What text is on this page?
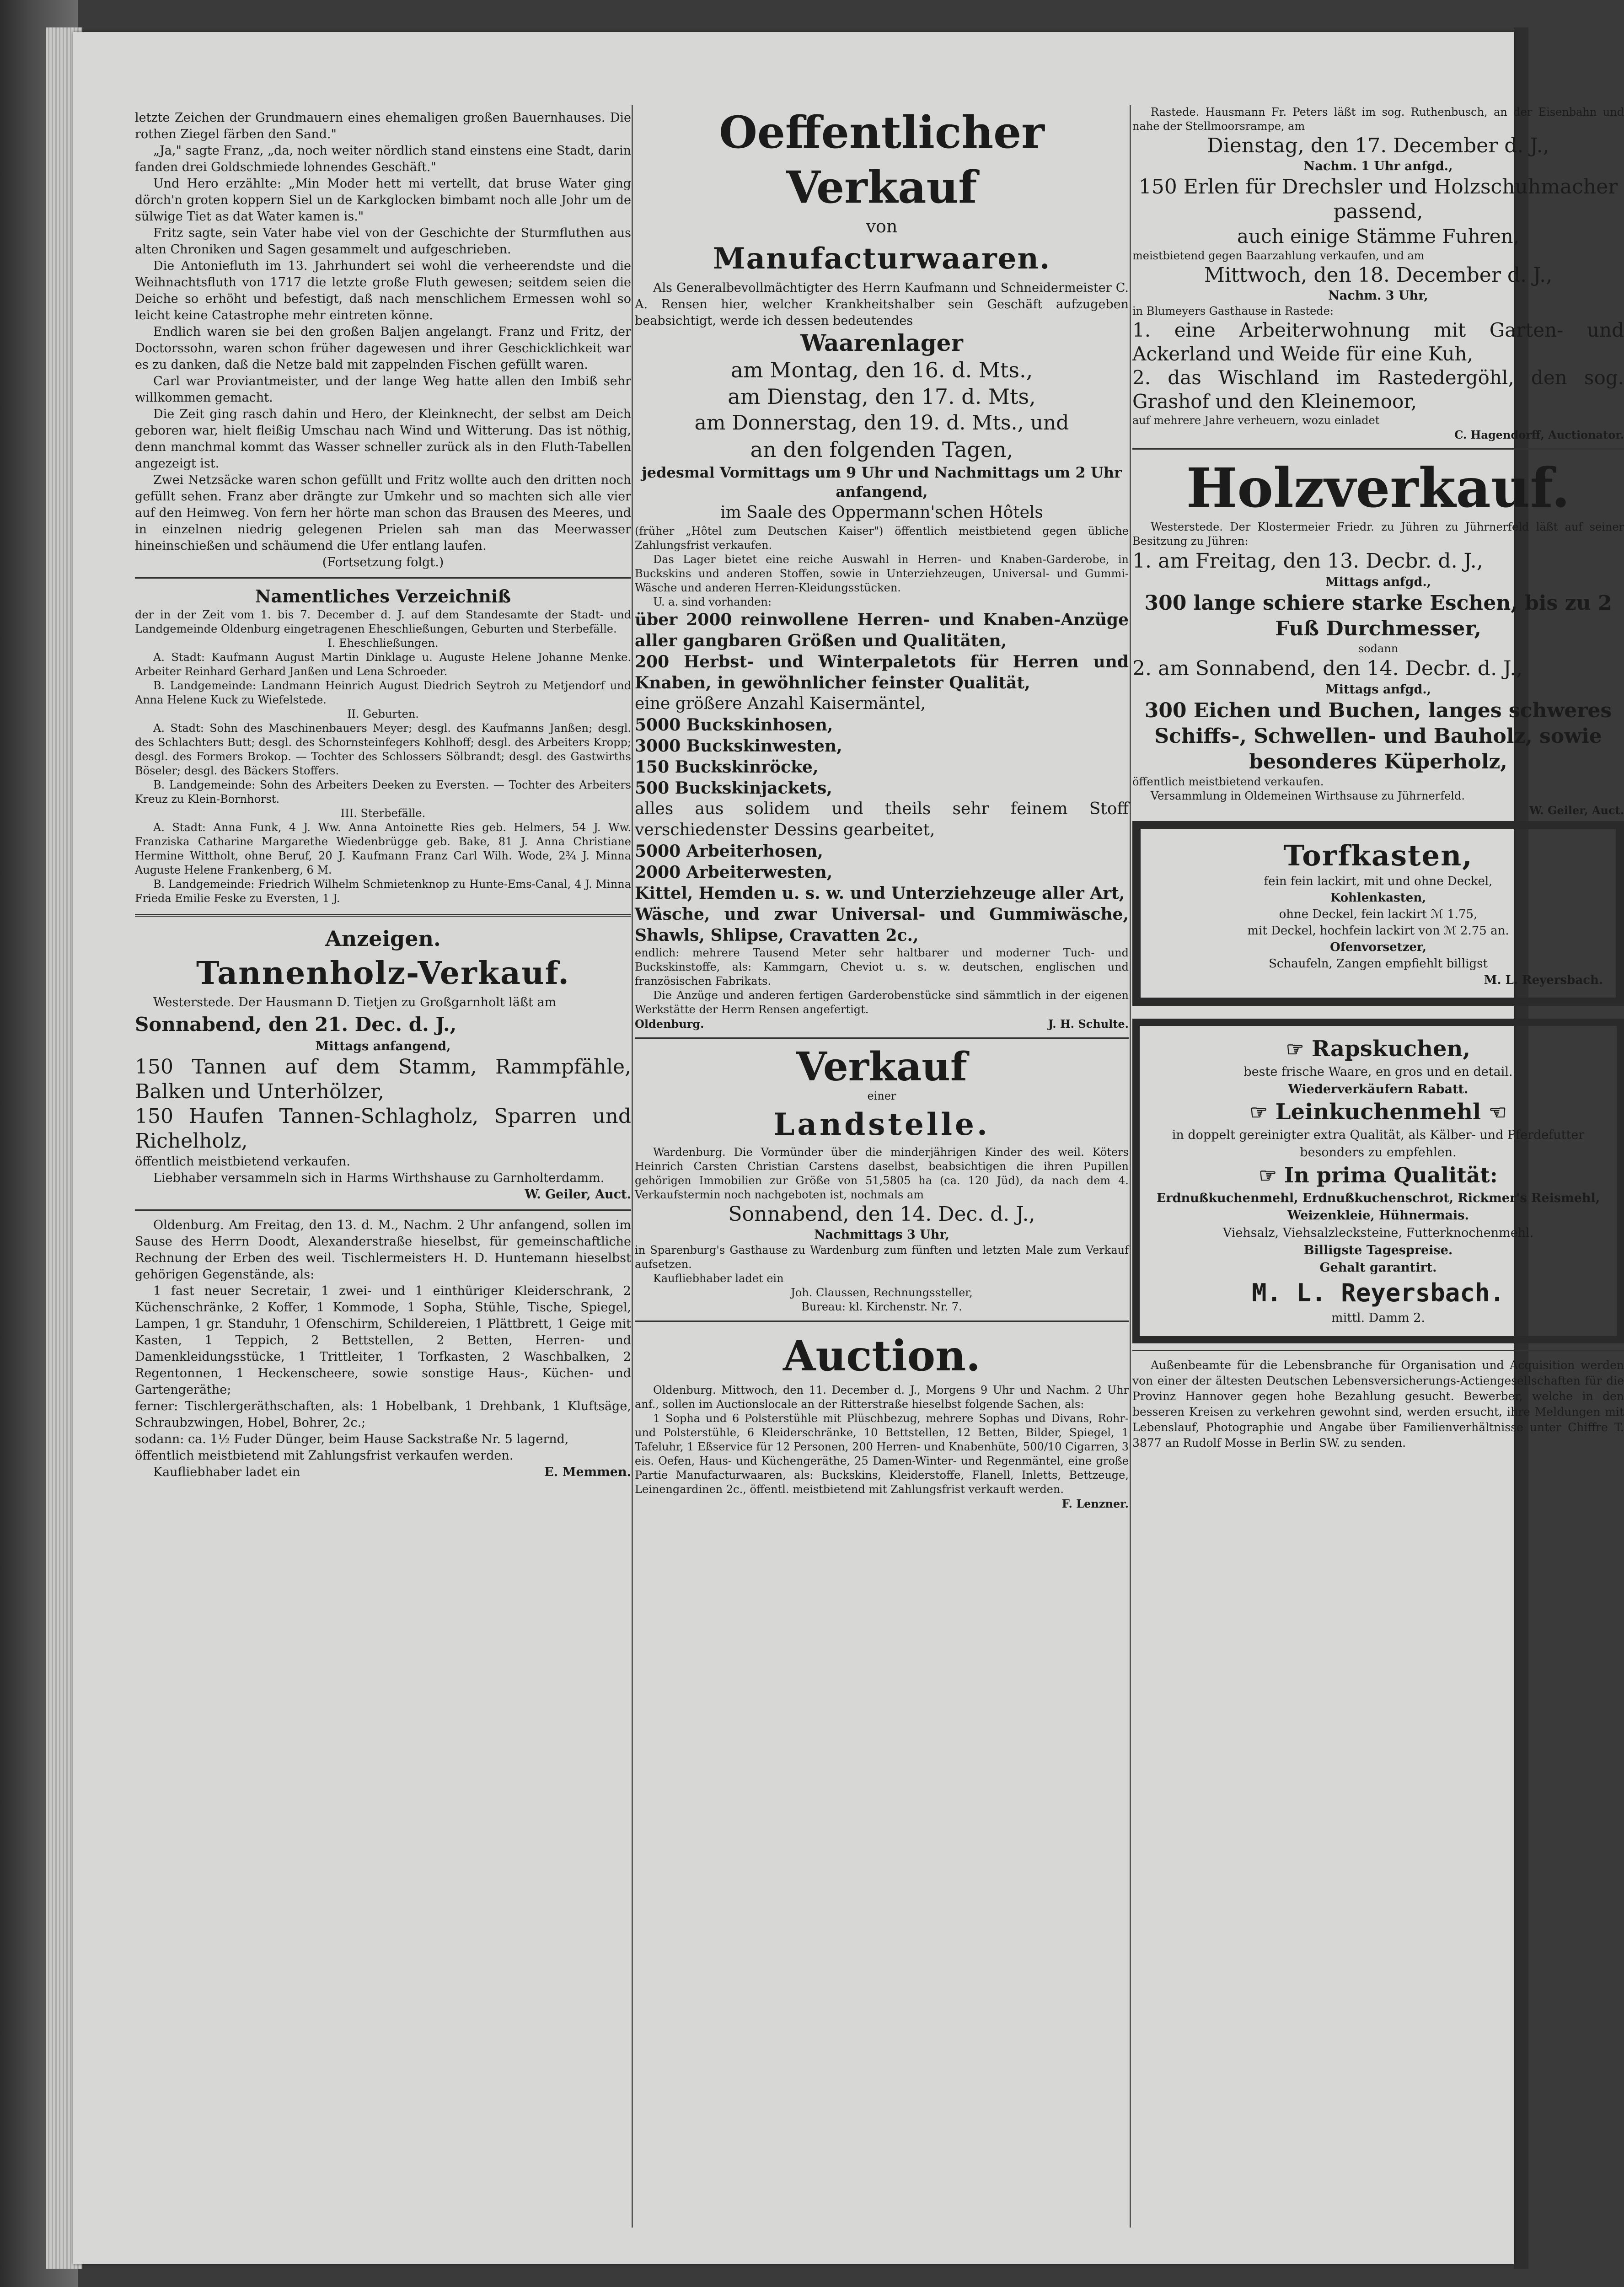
letzte Zeichen der Grundmauern eines ehemaligen großen Bauernhauses. Die rothen Ziegel färben den Sand."

„Ja," sagte Franz, „da, noch weiter nördlich stand einstens eine Stadt, darin fanden drei Goldschmiede lohnendes Geschäft."

Und Hero erzählte: „Min Moder hett mi vertellt, dat bruse Water ging dörch'n groten koppern Siel un de Karkglocken bimbamt noch alle Johr um de sülwige Tiet as dat Water kamen is."

Fritz sagte, sein Vater habe viel von der Geschichte der Sturmfluthen aus alten Chroniken und Sagen gesammelt und aufgeschrieben.

Die Antoniefluth im 13. Jahrhundert sei wohl die verheerendste und die Weihnachtsfluth von 1717 die letzte große Fluth gewesen; seitdem seien die Deiche so erhöht und befestigt, daß nach menschlichem Ermessen wohl so leicht keine Catastrophe mehr eintreten könne.

Endlich waren sie bei den großen Baljen angelangt. Franz und Fritz, der Doctorssohn, waren schon früher dagewesen und ihrer Geschicklichkeit war es zu danken, daß die Netze bald mit zappelnden Fischen gefüllt waren.

Carl war Proviantmeister, und der lange Weg hatte allen den Imbiß sehr willkommen gemacht.

Die Zeit ging rasch dahin und Hero, der Kleinknecht, der selbst am Deich geboren war, hielt fleißig Umschau nach Wind und Witterung. Das ist nöthig, denn manchmal kommt das Wasser schneller zurück als in den Fluth-Tabellen angezeigt ist.

Zwei Netzsäcke waren schon gefüllt und Fritz wollte auch den dritten noch gefüllt sehen. Franz aber drängte zur Umkehr und so machten sich alle vier auf den Heimweg. Von fern her hörte man schon das Brausen des Meeres, und in einzelnen niedrig gelegenen Prielen sah man das Meerwasser hineinschießen und schäumend die Ufer entlang laufen.

(Fortsetzung folgt.)

Namentliches Verzeichniß

der in der Zeit vom 1. bis 7. December d. J. auf dem Standesamte der Stadt- und Landgemeinde Oldenburg eingetragenen Eheschließungen, Geburten und Sterbefälle.

I. Eheschließungen.

A. Stadt: Kaufmann August Martin Dinklage u. Auguste Helene Johanne Menke. Arbeiter Reinhard Gerhard Janßen und Lena Schroeder.

B. Landgemeinde: Landmann Heinrich August Diedrich Seytroh zu Metjendorf und Anna Helene Kuck zu Wiefelstede.

II. Geburten.

A. Stadt: Sohn des Maschinenbauers Meyer; desgl. des Kaufmanns Janßen; desgl. des Schlachters Butt; desgl. des Schornsteinfegers Kohlhoff; desgl. des Arbeiters Kropp; desgl. des Formers Brokop. — Tochter des Schlossers Sölbrandt; desgl. des Gastwirths Böseler; desgl. des Bäckers Stoffers.

B. Landgemeinde: Sohn des Arbeiters Deeken zu Eversten. — Tochter des Arbeiters Kreuz zu Klein-Bornhorst.

III. Sterbefälle.

A. Stadt: Anna Funk, 4 J. Ww. Anna Antoinette Ries geb. Helmers, 54 J. Ww. Franziska Catharine Margarethe Wiedenbrügge geb. Bake, 81 J. Anna Christiane Hermine Wittholt, ohne Beruf, 20 J. Kaufmann Franz Carl Wilh. Wode, 2¾ J. Minna Auguste Helene Frankenberg, 6 M.

B. Landgemeinde: Friedrich Wilhelm Schmietenknop zu Hunte-Ems-Canal, 4 J. Minna Frieda Emilie Feske zu Eversten, 1 J.

Anzeigen.

Tannenholz-Verkauf.

Westerstede. Der Hausmann D. Tietjen zu Großgarnholt läßt am

Sonnabend, den 21. Dec. d. J.,

Mittags anfangend,

150 Tannen auf dem Stamm, Rammpfähle, Balken und Unterhölzer,

150 Haufen Tannen-Schlagholz, Sparren und Richelholz,

öffentlich meistbietend verkaufen.

Liebhaber versammeln sich in Harms Wirthshause zu Garnholterdamm.

W. Geiler, Auct.

Oldenburg. Am Freitag, den 13. d. M., Nachm. 2 Uhr anfangend, sollen im Sause des Herrn Doodt, Alexanderstraße hieselbst, für gemeinschaftliche Rechnung der Erben des weil. Tischlermeisters H. D. Huntemann hieselbst gehörigen Gegenstände, als:

1 fast neuer Secretair, 1 zwei- und 1 einthüriger Kleiderschrank, 2 Küchenschränke, 2 Koffer, 1 Kommode, 1 Sopha, Stühle, Tische, Spiegel, Lampen, 1 gr. Standuhr, 1 Ofenschirm, Schildereien, 1 Plättbrett, 1 Geige mit Kasten, 1 Teppich, 2 Bettstellen, 2 Betten, Herren- und Damenkleidungsstücke, 1 Trittleiter, 1 Torfkasten, 2 Waschbalken, 2 Regentonnen, 1 Heckenscheere, sowie sonstige Haus-, Küchen- und Gartengeräthe;

ferner: Tischlergeräthschaften, als: 1 Hobelbank, 1 Drehbank, 1 Kluftsäge, Schraubzwingen, Hobel, Bohrer, 2c.;

sodann: ca. 1½ Fuder Dünger, beim Hause Sackstraße Nr. 5 lagernd,

öffentlich meistbietend mit Zahlungsfrist verkaufen werden.

Kaufliebhaber ladet ein	E. Memmen.

Oeffentlicher Verkauf

von

Manufacturwaaren.

Als Generalbevollmächtigter des Herrn Kaufmann und Schneidermeister C. A. Rensen hier, welcher Krankheitshalber sein Geschäft aufzugeben beabsichtigt, werde ich dessen bedeutendes

Waarenlager

am Montag, den 16. d. Mts.,

am Dienstag, den 17. d. Mts,

am Donnerstag, den 19. d. Mts., und

an den folgenden Tagen,

jedesmal Vormittags um 9 Uhr und Nachmittags um 2 Uhr anfangend,

im Saale des Oppermann'schen Hôtels

(früher „Hôtel zum Deutschen Kaiser") öffentlich meistbietend gegen übliche Zahlungsfrist verkaufen.

Das Lager bietet eine reiche Auswahl in Herren- und Knaben-Garderobe, in Buckskins und anderen Stoffen, sowie in Unterziehzeugen, Universal- und Gummi-Wäsche und anderen Herren-Kleidungsstücken.

U. a. sind vorhanden:

über 2000 reinwollene Herren- und Knaben-Anzüge aller gangbaren Größen und Qualitäten,
200 Herbst- und Winterpaletots für Herren und Knaben, in gewöhnlicher feinster Qualität,
eine größere Anzahl Kaisermäntel,
5000 Buckskinhosen,
3000 Buckskinwesten,
150 Buckskinröcke,
500 Buckskinjackets,
alles aus solidem und theils sehr feinem Stoff verschiedenster Dessins gearbeitet,
5000 Arbeiterhosen,
2000 Arbeiterwesten,
Kittel, Hemden u. s. w. und Unterziehzeuge aller Art,
Wäsche, und zwar Universal- und Gummiwäsche, Shawls, Shlipse, Cravatten 2c.,

endlich: mehrere Tausend Meter sehr haltbarer und moderner Tuch- und Buckskinstoffe, als: Kammgarn, Cheviot u. s. w. deutschen, englischen und französischen Fabrikats.

Die Anzüge und anderen fertigen Garderobenstücke sind sämmtlich in der eigenen Werkstätte der Herrn Rensen angefertigt.

Oldenburg.	J. H. Schulte.

Verkauf

einer

Landstelle.

Wardenburg. Die Vormünder über die minderjährigen Kinder des weil. Köters Heinrich Carsten Christian Carstens daselbst, beabsichtigen die ihren Pupillen gehörigen Immobilien zur Größe von 51,5805 ha (ca. 120 Jüd), da nach dem 4. Verkaufstermin noch nachgeboten ist, nochmals am

Sonnabend, den 14. Dec. d. J.,

Nachmittags 3 Uhr,

in Sparenburg's Gasthause zu Wardenburg zum fünften und letzten Male zum Verkauf aufsetzen.

Kaufliebhaber ladet ein

Joh. Claussen, Rechnungssteller,

Bureau: kl. Kirchenstr. Nr. 7.

Auction.

Oldenburg. Mittwoch, den 11. December d. J., Morgens 9 Uhr und Nachm. 2 Uhr anf., sollen im Auctionslocale an der Ritterstraße hieselbst folgende Sachen, als:

1 Sopha und 6 Polsterstühle mit Plüschbezug, mehrere Sophas und Divans, Rohr- und Polsterstühle, 6 Kleiderschränke, 10 Bettstellen, 12 Betten, Bilder, Spiegel, 1 Tafeluhr, 1 Eßservice für 12 Personen, 200 Herren- und Knabenhüte, 500/10 Cigarren, 3 eis. Oefen, Haus- und Küchengeräthe, 25 Damen-Winter- und Regenmäntel, eine große Partie Manufacturwaaren, als: Buckskins, Kleiderstoffe, Flanell, Inletts, Bettzeuge, Leinengardinen 2c., öffentl. meistbietend mit Zahlungsfrist verkauft werden.

F. Lenzner.

Rastede. Hausmann Fr. Peters läßt im sog. Ruthenbusch, an der Eisenbahn und nahe der Stellmoorsrampe, am

Dienstag, den 17. December d. J.,

Nachm. 1 Uhr anfgd.,

150 Erlen für Drechsler und Holzschuhmacher passend,

auch einige Stämme Fuhren,

meistbietend gegen Baarzahlung verkaufen, und am

Mittwoch, den 18. December d. J.,

Nachm. 3 Uhr,

in Blumeyers Gasthause in Rastede:

1. eine Arbeiterwohnung mit Garten- und Ackerland und Weide für eine Kuh,

2. das Wischland im Rastedergöhl, den sog. Grashof und den Kleinemoor,

auf mehrere Jahre verheuern, wozu einladet

C. Hagendorff, Auctionator.

Holzverkauf.

Westerstede. Der Klostermeier Friedr. zu Jühren zu Jührnerfeld läßt auf seiner Besitzung zu Jühren:

1. am Freitag, den 13. Decbr. d. J.,

Mittags anfgd.,

300 lange schiere starke Eschen, bis zu 2 Fuß Durchmesser,

sodann

2. am Sonnabend, den 14. Decbr. d. J.,

Mittags anfgd.,

300 Eichen und Buchen, langes schweres Schiffs-, Schwellen- und Bauholz, sowie besonderes Küperholz,

öffentlich meistbietend verkaufen.

Versammlung in Oldemeinen Wirthsause zu Jührnerfeld.

W. Geiler, Auct.

Torfkasten,

fein fein lackirt, mit und ohne Deckel,

Kohlenkasten,

ohne Deckel, fein lackirt ℳ 1.75,

mit Deckel, hochfein lackirt von ℳ 2.75 an.

Ofenvorsetzer,

Schaufeln, Zangen empfiehlt billigst

M. L. Reyersbach.

☞ Rapskuchen,

beste frische Waare, en gros und en detail.

Wiederverkäufern Rabatt.

☞ Leinkuchenmehl ☜

in doppelt gereinigter extra Qualität, als Kälber- und Pferdefutter besonders zu empfehlen.

☞ In prima Qualität:

Erdnußkuchenmehl, Erdnußkuchenschrot, Rickmer's Reismehl, Weizenkleie, Hühnermais.

Viehsalz, Viehsalzlecksteine, Futterknochenmehl.

Billigste Tagespreise.

Gehalt garantirt.

M. L. Reyersbach.

mittl. Damm 2.

Außenbeamte für die Lebensbranche für Organisation und Acquisition werden von einer der ältesten Deutschen Lebensversicherungs-Actiengesellschaften für die Provinz Hannover gegen hohe Bezahlung gesucht. Bewerber, welche in den besseren Kreisen zu verkehren gewohnt sind, werden ersucht, ihre Meldungen mit Lebenslauf, Photographie und Angabe über Familienverhältnisse unter Chiffre T. 3877 an Rudolf Mosse in Berlin SW. zu senden.
